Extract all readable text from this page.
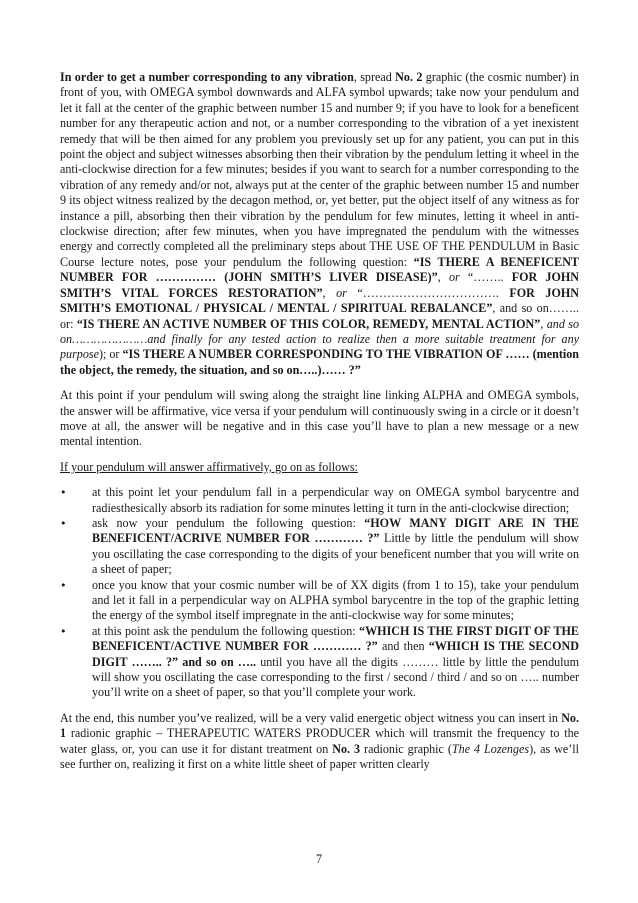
In order to get a number corresponding to any vibration, spread No. 2 graphic (the cosmic number) in front of you, with OMEGA symbol downwards and ALFA symbol upwards; take now your pendulum and let it fall at the center of the graphic between number 15 and number 9; if you have to look for a beneficent number for any therapeutic action and not, or a number corresponding to the vibration of a yet inexistent remedy that will be then aimed for any problem you previously set up for any patient, you can put in this point the object and subject witnesses absorbing then their vibration by the pendulum letting it wheel in the anti-clockwise direction for a few minutes; besides if you want to search for a number corresponding to the vibration of any remedy and/or not, always put at the center of the graphic between number 15 and number 9 its object witness realized by the decagon method, or, yet better, put the object itself of any witness as for instance a pill, absorbing then their vibration by the pendulum for few minutes, letting it wheel in anti-clockwise direction; after few minutes, when you have impregnated the pendulum with the witnesses energy and correctly completed all the preliminary steps about THE USE OF THE PENDULUM in Basic Course lecture notes, pose your pendulum the following question: “IS THERE A BENEFICENT NUMBER FOR …………… (JOHN SMITH’S LIVER DISEASE)”, or “…….. FOR JOHN SMITH’S VITAL FORCES RESTORATION”, or “……………………………. FOR JOHN SMITH’S EMOTIONAL / PHYSICAL / MENTAL / SPIRITUAL REBALANCE”, and so on…….. or: “IS THERE AN ACTIVE NUMBER OF THIS COLOR, REMEDY, MENTAL ACTION”, and so on…………………and finally for any tested action to realize then a more suitable treatment for any purpose); or “IS THERE A NUMBER CORRESPONDING TO THE VIBRATION OF …… (mention the object, the remedy, the situation, and so on…..)…… ?”

At this point if your pendulum will swing along the straight line linking ALPHA and OMEGA symbols, the answer will be affirmative, vice versa if your pendulum will continuously swing in a circle or it doesn’t move at all, the answer will be negative and in this case you’ll have to plan a new message or a new mental intention.

If your pendulum will answer affirmatively, go on as follows:

•	at this point let your pendulum fall in a perpendicular way on OMEGA symbol barycentre and radiesthesically absorb its radiation for some minutes letting it turn in the anti-clockwise direction;
•	ask now your pendulum the following question: “HOW MANY DIGIT ARE IN THE BENEFICENT/ACRIVE NUMBER FOR ………… ?” Little by little the pendulum will show you oscillating the case corresponding to the digits of your beneficent number that you will write on a sheet of paper;
•	once you know that your cosmic number will be of XX digits (from 1 to 15), take your pendulum and let it fall in a perpendicular way on ALPHA symbol barycentre in the top of the graphic letting the energy of the symbol itself impregnate in the anti-clockwise way for some minutes;
•	at this point ask the pendulum the following question: “WHICH IS THE FIRST DIGIT OF THE BENEFICENT/ACTIVE NUMBER FOR ………… ?” and then “WHICH IS THE SECOND DIGIT …….. ?” and so on ….. until you have all the digits ……… little by little the pendulum will show you oscillating the case corresponding to the first / second / third / and so on ….. number you’ll write on a sheet of paper, so that you’ll complete your work.

At the end, this number you’ve realized, will be a very valid energetic object witness you can insert in No. 1 radionic graphic – THERAPEUTIC WATERS PRODUCER which will transmit the frequency to the water glass, or, you can use it for distant treatment on No. 3 radionic graphic (The 4 Lozenges), as we’ll see further on, realizing it first on a white little sheet of paper written clearly

7
